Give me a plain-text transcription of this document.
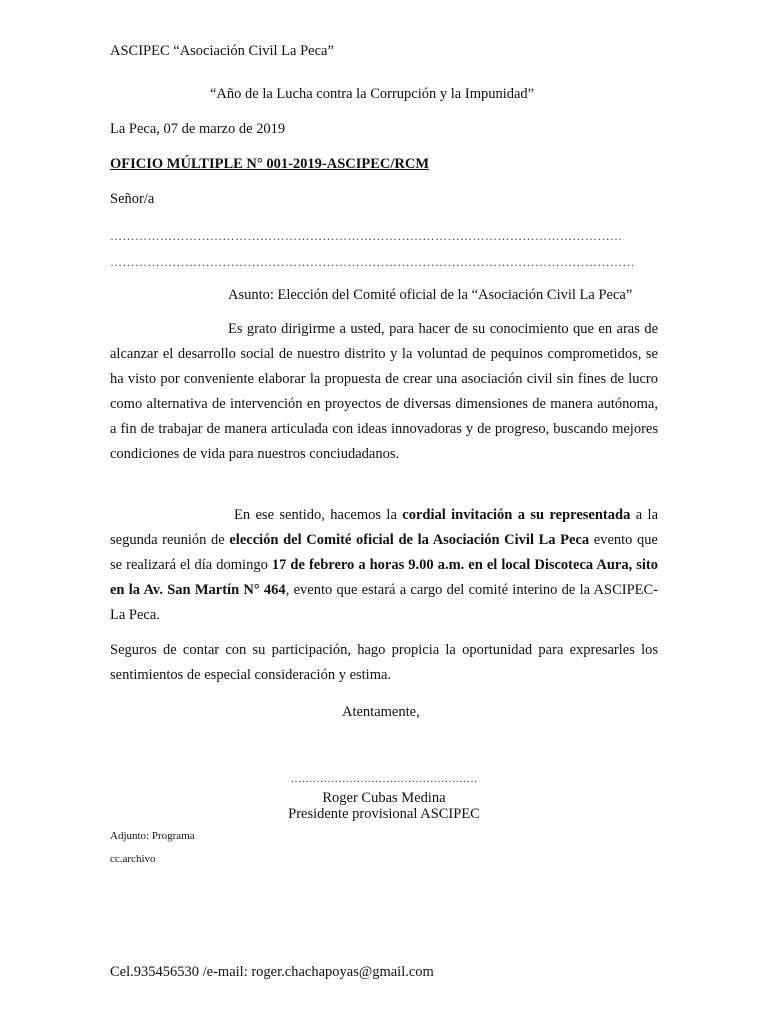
ASCIPEC “Asociación Civil La Peca”
“Año de la Lucha contra la Corrupción y la Impunidad”
La Peca, 07 de marzo de 2019
OFICIO MÚLTIPLE N° 001-2019-ASCIPEC/RCM
Señor/a
……………………………………………………………………………………………………………
………………………………………………………………………………………………………………
Asunto: Elección del Comité oficial de la “Asociación Civil La Peca”
Es grato dirigirme a usted, para hacer de su conocimiento que en aras de alcanzar el desarrollo social de nuestro distrito y la voluntad de pequinos comprometidos, se ha visto por conveniente elaborar la propuesta de crear una asociación civil sin fines de lucro como alternativa de intervención en proyectos de diversas dimensiones de manera autónoma, a fin de trabajar de manera articulada con ideas innovadoras y de progreso, buscando mejores condiciones de vida para nuestros conciudadanos.
En ese sentido, hacemos la cordial invitación a su representada a la segunda reunión de elección del Comité oficial de la Asociación Civil La Peca evento que se realizará el día domingo 17 de febrero a horas 9.00 a.m. en el local Discoteca Aura, sito en la Av. San Martín N° 464, evento que estará a cargo del comité interino de la ASCIPEC-La Peca.
Seguros de contar con su participación, hago propicia la oportunidad para expresarles los sentimientos de especial consideración y estima.
Atentamente,
……………………………………………
Roger Cubas Medina
Presidente provisional ASCIPEC
Adjunto: Programa
cc.archivo
Cel.935456530 /e-mail: roger.chachapoyas@gmail.com
